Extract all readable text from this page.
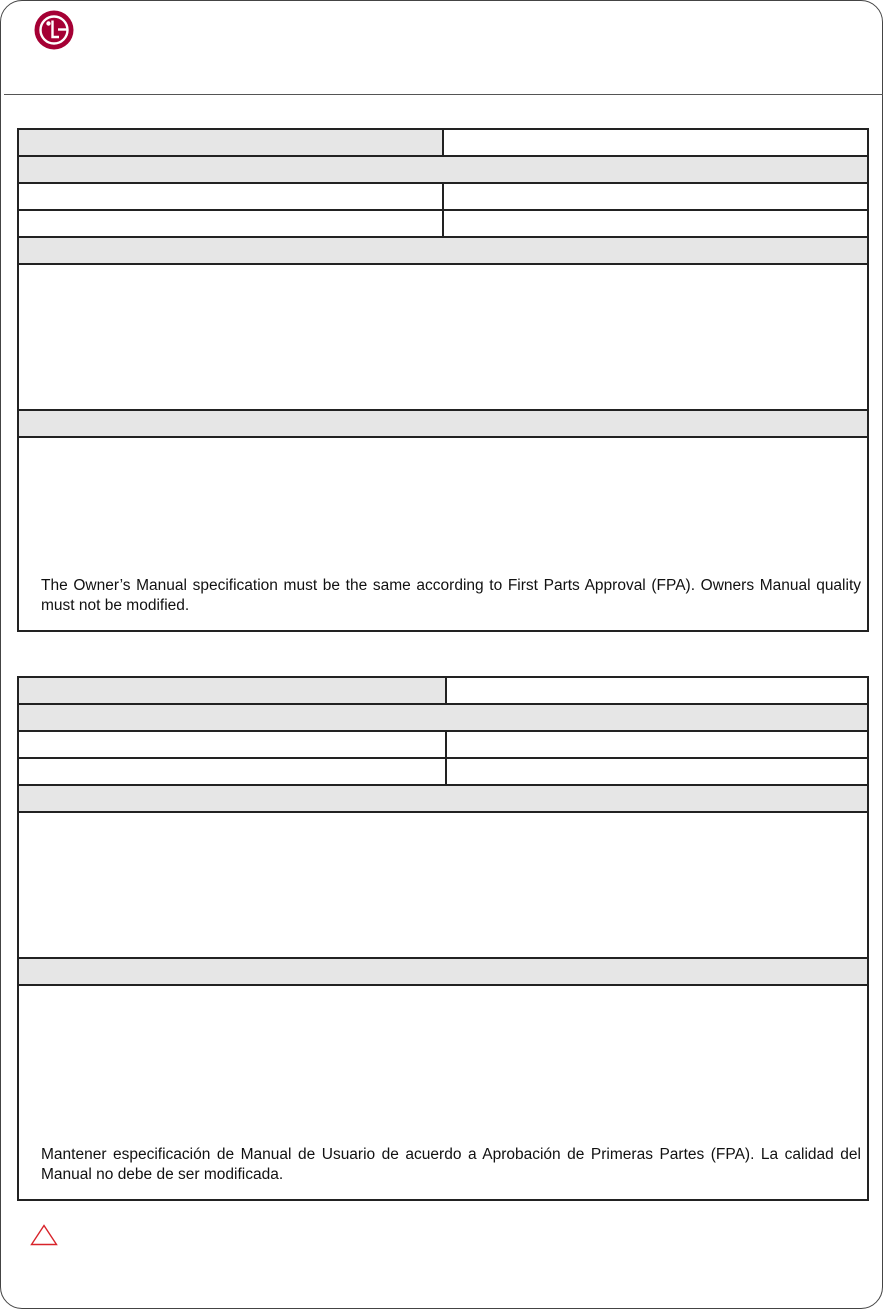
The Owner’s Manual specification must be the same according to First Parts Approval (FPA). Owners Manual quality must not be modified.
Mantener especificación de Manual de Usuario de acuerdo a Aprobación de Primeras Partes (FPA). La calidad del Manual no debe de ser modificada.
